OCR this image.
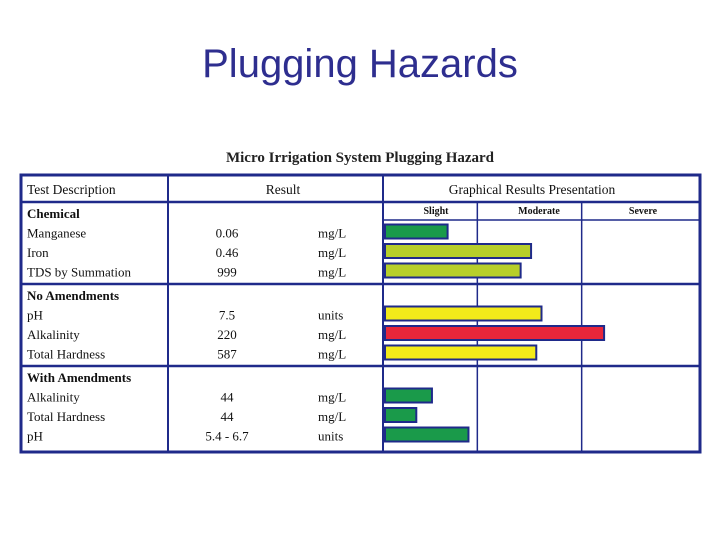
Plugging Hazards
Micro Irrigation System Plugging Hazard
Test Description	Result	Graphical Results Presentation
Slight	Moderate	Severe
Chemical
Manganese	0.06	mg/L
Iron	0.46	mg/L
TDS by Summation	999	mg/L
No Amendments
pH	7.5	units
Alkalinity	220	mg/L
Total Hardness	587	mg/L
With Amendments
Alkalinity	44	mg/L
Total Hardness	44	mg/L
pH	5.4 - 6.7	units
